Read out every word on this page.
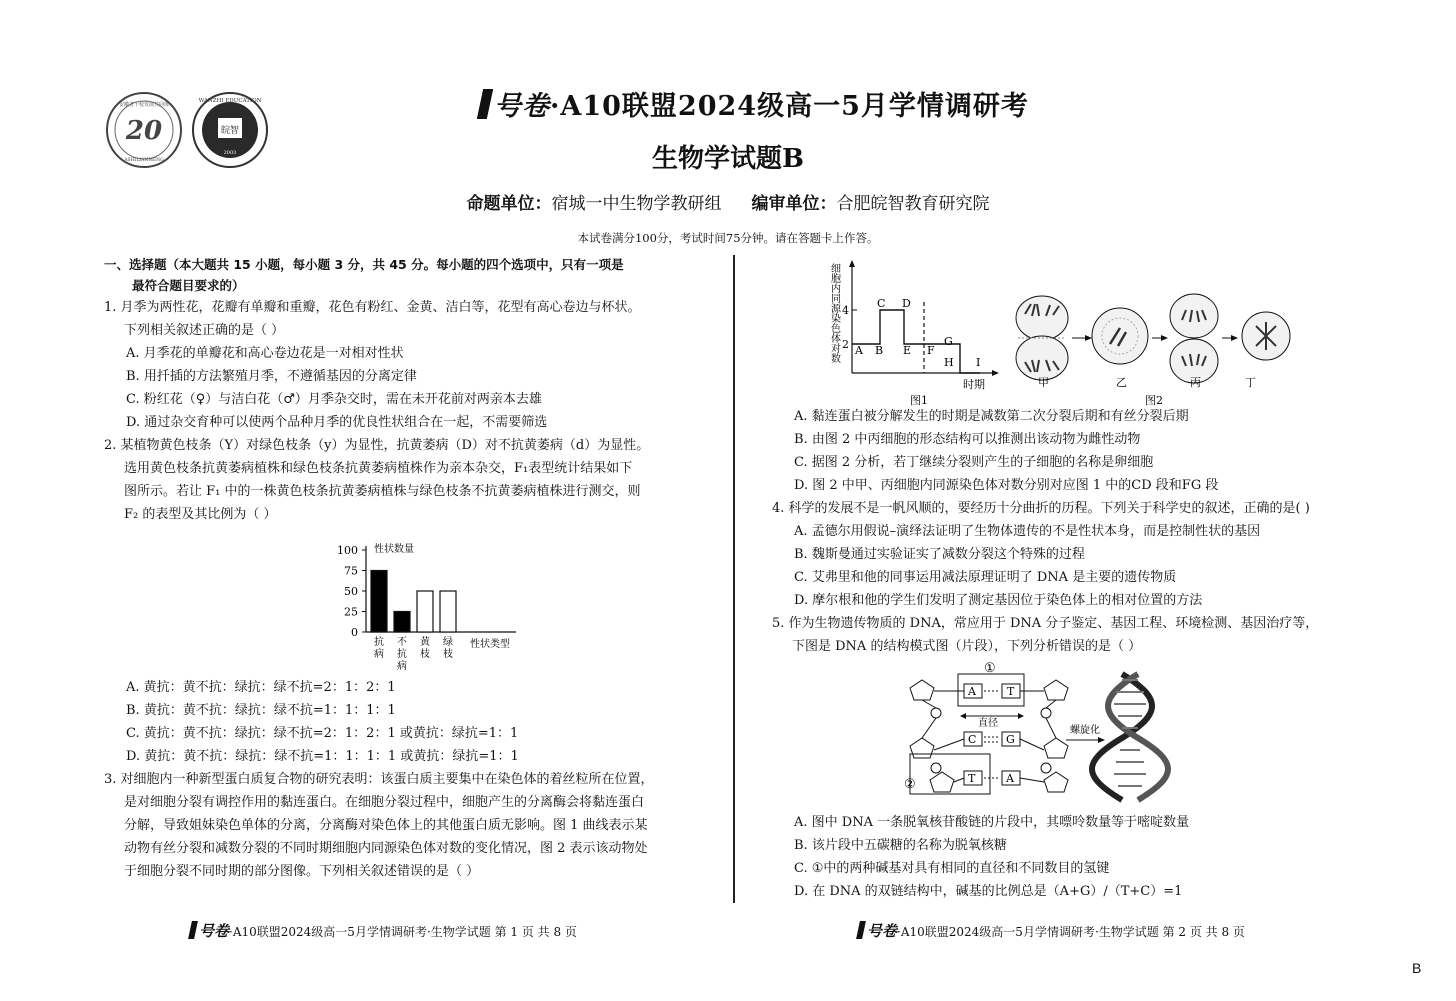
20
安徽省十校发展共同体
ASHILIANMENG
皖智
WANZHI EDUCATION
2003
号卷·A10联盟2024级高一5月学情调研考
生物学试题B
命题单位：宿城一中生物学教研组 编审单位：合肥皖智教育研究院
本试卷满分100分，考试时间75分钟。请在答题卡上作答。

一、选择题（本大题共 15 小题，每小题 3 分，共 45 分。每小题的四个选项中，只有一项是

最符合题目要求的）

1. 月季为两性花，花瓣有单瓣和重瓣，花色有粉红、金黄、洁白等，花型有高心卷边与杯状。

下列相关叙述正确的是（ ）

A. 月季花的单瓣花和高心卷边花是一对相对性状

B. 用扦插的方法繁殖月季，不遵循基因的分离定律

C. 粉红花（♀）与洁白花（♂）月季杂交时，需在未开花前对两亲本去雄

D. 通过杂交育种可以使两个品种月季的优良性状组合在一起，不需要筛选

2. 某植物黄色枝条（Y）对绿色枝条（y）为显性，抗黄萎病（D）对不抗黄萎病（d）为显性。

选用黄色枝条抗黄萎病植株和绿色枝条抗黄萎病植株作为亲本杂交，F₁表型统计结果如下

图所示。若让 F₁ 中的一株黄色枝条抗黄萎病植株与绿色枝条不抗黄萎病植株进行测交，则

F₂ 的表型及其比例为（ ）

0
25
50
75
100 性状数量
性状类型
抗
病
不
抗
病
黄
枝
绿
枝

A. 黄抗：黄不抗：绿抗：绿不抗=2：1：2：1

B. 黄抗：黄不抗：绿抗：绿不抗=1：1：1：1

C. 黄抗：黄不抗：绿抗：绿不抗=2：1：2：1 或黄抗：绿抗=1：1

D. 黄抗：黄不抗：绿抗：绿不抗=1：1：1：1 或黄抗：绿抗=1：1

3. 对细胞内一种新型蛋白质复合物的研究表明：该蛋白质主要集中在染色体的着丝粒所在位置，

是对细胞分裂有调控作用的黏连蛋白。在细胞分裂过程中，细胞产生的分离酶会将黏连蛋白

分解，导致姐妹染色单体的分离，分离酶对染色体上的其他蛋白质无影响。图 1 曲线表示某

动物有丝分裂和减数分裂的不同时期细胞内同源染色体对数的变化情况，图 2 表示该动物处

于细胞分裂不同时期的部分图像。下列相关叙述错误的是（ ）

细胞内同源染色体对数 4
2 A B
C D
E F
G
H I
时期
图1
甲	乙	丙	丁
图2

A. 黏连蛋白被分解发生的时期是减数第二次分裂后期和有丝分裂后期

B. 由图 2 中丙细胞的形态结构可以推测出该动物为雌性动物

C. 据图 2 分析，若丁继续分裂则产生的子细胞的名称是卵细胞

D. 图 2 中甲、丙细胞内同源染色体对数分别对应图 1 中的CD 段和FG 段

4. 科学的发展不是一帆风顺的，要经历十分曲折的历程。下列关于科学史的叙述，正确的是( )

A. 孟德尔用假说–演绎法证明了生物体遗传的不是性状本身，而是控制性状的基因

B. 魏斯曼通过实验证实了减数分裂这个特殊的过程

C. 艾弗里和他的同事运用减法原理证明了 DNA 是主要的遗传物质

D. 摩尔根和他的学生们发明了测定基因位于染色体上的相对位置的方法

5. 作为生物遗传物质的 DNA，常应用于 DNA 分子鉴定、基因工程、环境检测、基因治疗等，

下图是 DNA 的结构模式图（片段），下列分析错误的是（ ）

①
A	T
直径
C	G
②	T	A
螺旋化

A. 图中 DNA 一条脱氧核苷酸链的片段中，其嘌呤数量等于嘧啶数量

B. 该片段中五碳糖的名称为脱氧核糖

C. ①中的两种碱基对具有相同的直径和不同数目的氢键

D. 在 DNA 的双链结构中，碱基的比例总是（A+G）/（T+C）=1

号卷·A10联盟2024级高一5月学情调研考·生物学试题 第 1 页 共 8 页	号卷·A10联盟2024级高一5月学情调研考·生物学试题 第 2 页 共 8 页
B
